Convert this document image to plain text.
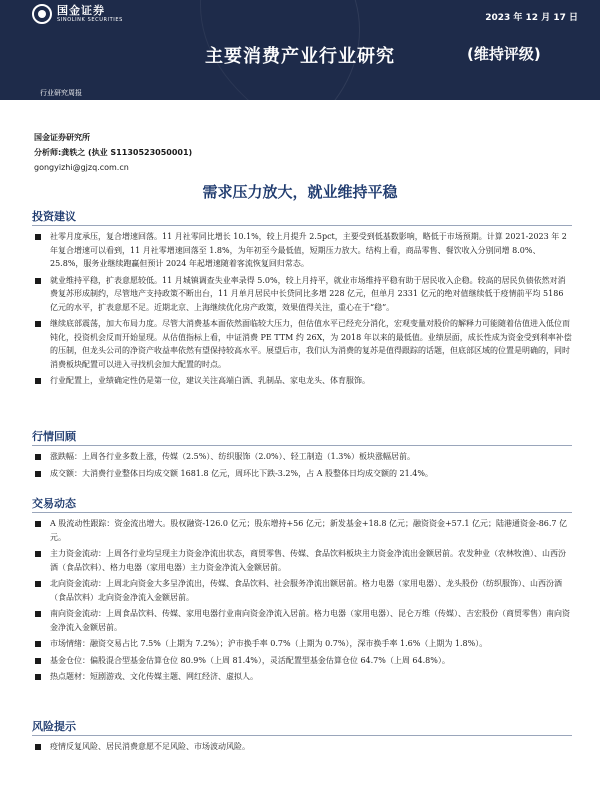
国金证券
SINOLINK SECURITIES	2023 年 12 月 17 日
主要消费产业行业研究	(维持评级)
行业研究周报
国金证券研究所
分析师:龚轶之 (执业 S1130523050001)
gongyizhi@gjzq.com.cn
需求压力放大，就业维持平稳
投资建议
社零月度承压，复合增速回落。11 月社零同比增长 10.1%，较上月提升 2.5pct，主要受到低基数影响，略低于市场预期。计算 2021-2023 年 2 年复合增速可以看到，11 月社零增速回落至 1.8%，为年初至今最低值，短期压力放大。结构上看，商品零售、餐饮收入分别同增 8.0%、25.8%，服务业继续跑赢但预计 2024 年起增速随着客流恢复回归常态。
就业维持平稳，扩表意愿较低。11 月城镇调查失业率录得 5.0%，较上月持平，就业市场维持平稳有助于居民收入企稳。较高的居民负债依然对消费复苏形成制约，尽管地产支持政策不断出台，11 月单月居民中长贷同比多增 228 亿元，但单月 2331 亿元的绝对值继续低于疫情前平均 5186 亿元的水平，扩表意愿不足。近期北京、上海继续优化房产政策，效果值得关注，重心在于“稳”。
继续底部震荡，加大布局力度。尽管大消费基本面依然面临较大压力，但估值水平已经充分消化，宏观变量对股价的解释力可能随着估值进入低位而钝化，投资机会反而开始显现。从估值指标上看，中证消费 PE TTM 约 26X，为 2018 年以来的最低值。业绩层面，成长性成为资金受到利率补偿的压制，但龙头公司的净资产收益率依然有望保持较高水平。展望后市，我们认为消费的复苏是值得跟踪的话题，但底部区域的位置是明确的，同时消费板块配置可以进入寻找机会加大配置的时点。
行业配置上，业绩确定性仍是第一位，建议关注高端白酒、乳制品、家电龙头、体育服饰。
行情回顾
涨跌幅：上周各行业多数上涨，传媒（2.5%）、纺织服饰（2.0%）、轻工制造（1.3%）板块涨幅居前。
成交额：大消费行业整体日均成交额 1681.8 亿元，周环比下跌-3.2%，占 A 股整体日均成交额的 21.4%。
交易动态
A 股流动性跟踪：资金流出增大。股权融资-126.0 亿元；股东增持+56 亿元；新发基金+18.8 亿元；融资资金+57.1 亿元；陆港通资金-86.7 亿元。
主力资金流动：上周各行业均呈现主力资金净流出状态，商贸零售、传媒、食品饮料板块主力资金净流出金额居前。农发种业（农林牧渔）、山西汾酒（食品饮料）、格力电器（家用电器）主力资金净流入金额居前。
北向资金流动：上周北向资金大多呈净流出，传媒、食品饮料、社会服务净流出额居前。格力电器（家用电器）、龙头股份（纺织服饰）、山西汾酒（食品饮料）北向资金净流入金额居前。
南向资金流动：上周食品饮料、传媒、家用电器行业南向资金净流入居前。格力电器（家用电器）、昆仑万维（传媒）、吉宏股份（商贸零售）南向资金净流入金额居前。
市场情绪：融资交易占比 7.5%（上期为 7.2%）；沪市换手率 0.7%（上期为 0.7%），深市换手率 1.6%（上期为 1.8%）。
基金仓位：偏股混合型基金估算仓位 80.9%（上周 81.4%），灵活配置型基金估算仓位 64.7%（上周 64.8%）。
热点题材：短剧游戏、文化传媒主题、网红经济、虚拟人。
风险提示
疫情反复风险、居民消费意愿不足风险、市场波动风险。
